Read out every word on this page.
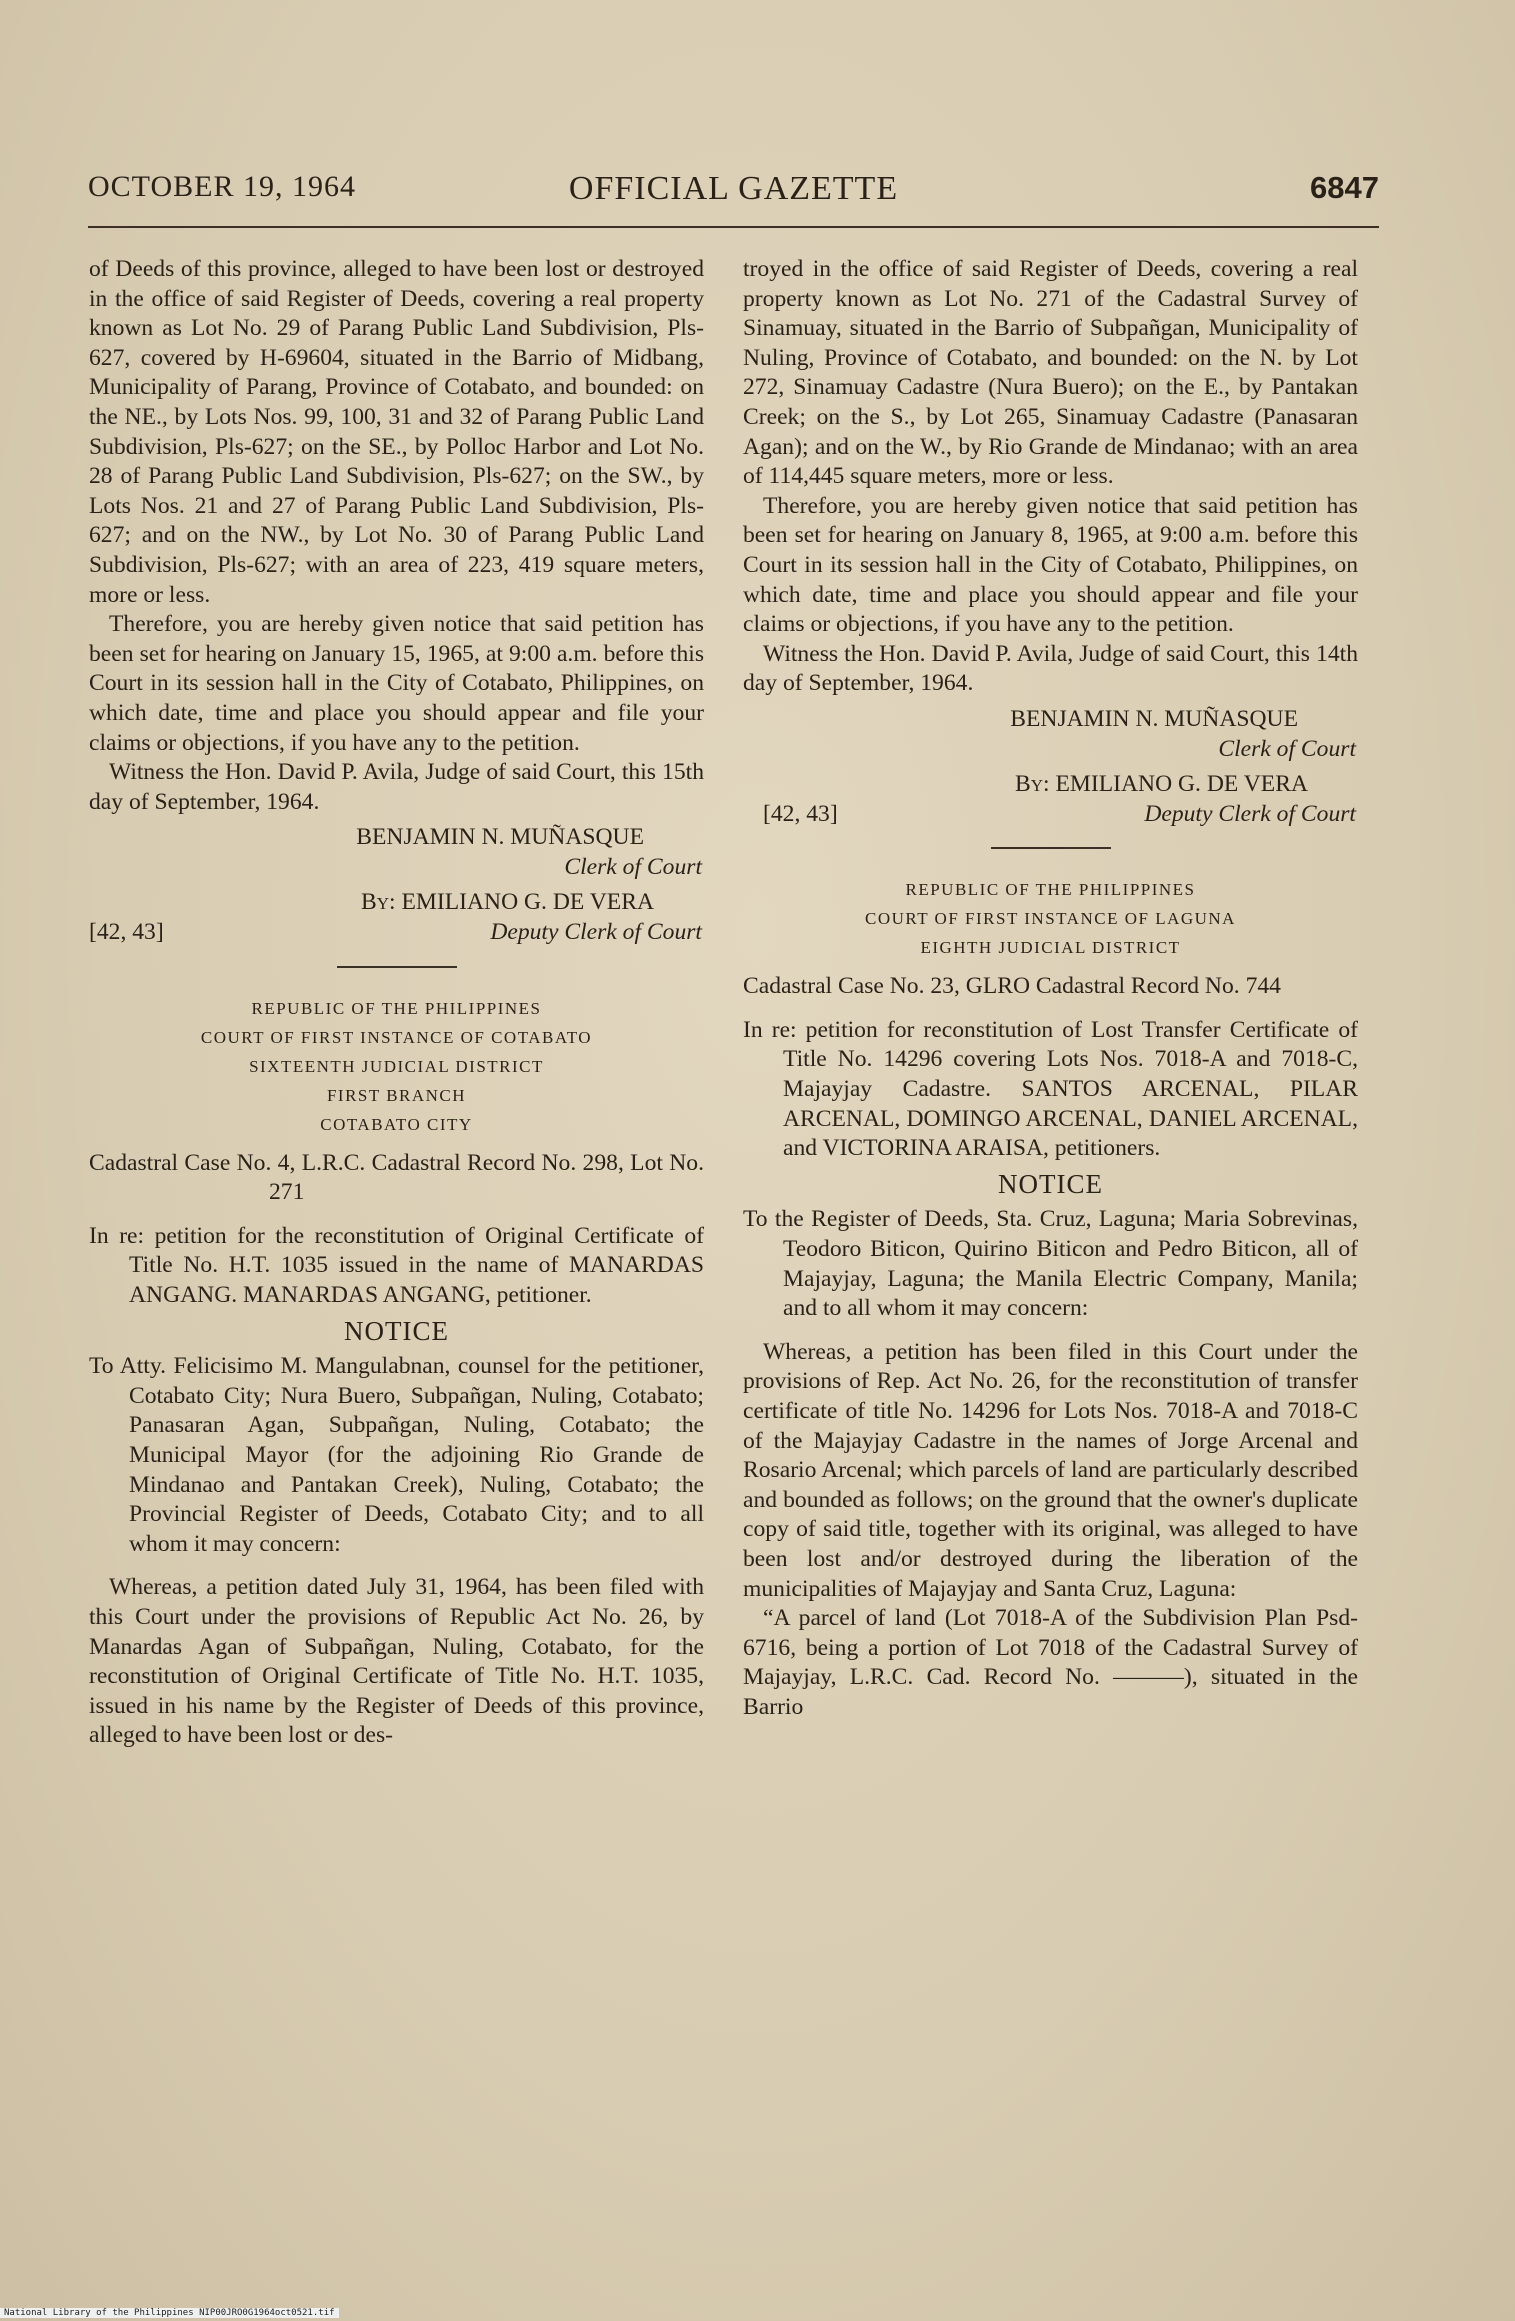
OCTOBER 19, 1964	OFFICIAL GAZETTE	6847

of Deeds of this province, alleged to have been lost or destroyed in the office of said Register of Deeds, covering a real property known as Lot No. 29 of Parang Public Land Subdivision, Pls-627, covered by H-69604, situated in the Barrio of Midbang, Municipality of Parang, Province of Cotabato, and bounded: on the NE., by Lots Nos. 99, 100, 31 and 32 of Parang Public Land Subdivision, Pls-627; on the SE., by Polloc Harbor and Lot No. 28 of Parang Public Land Subdivision, Pls-627; on the SW., by Lots Nos. 21 and 27 of Parang Public Land Subdivision, Pls-627; and on the NW., by Lot No. 30 of Parang Public Land Subdivision, Pls-627; with an area of 223, 419 square meters, more or less.

Therefore, you are hereby given notice that said petition has been set for hearing on January 15, 1965, at 9:00 a.m. before this Court in its session hall in the City of Cotabato, Philippines, on which date, time and place you should appear and file your claims or objections, if you have any to the petition.

Witness the Hon. David P. Avila, Judge of said Court, this 15th day of September, 1964.

BENJAMIN N. MUÑASQUE

Clerk of Court

By: EMILIANO G. DE VERA

[42, 43]	Deputy Clerk of Court

REPUBLIC OF THE PHILIPPINES
COURT OF FIRST INSTANCE OF COTABATO
SIXTEENTH JUDICIAL DISTRICT
FIRST BRANCH
COTABATO CITY

Cadastral Case No. 4, L.R.C. Cadastral Record No. 298, Lot No. 271

In re: petition for the reconstitution of Original Certificate of Title No. H.T. 1035 issued in the name of MANARDAS ANGANG. MANARDAS ANGANG, petitioner.

NOTICE

To Atty. Felicisimo M. Mangulabnan, counsel for the petitioner, Cotabato City; Nura Buero, Subpañgan, Nuling, Cotabato; Panasaran Agan, Subpañgan, Nuling, Cotabato; the Municipal Mayor (for the adjoining Rio Grande de Mindanao and Pantakan Creek), Nuling, Cotabato; the Provincial Register of Deeds, Cotabato City; and to all whom it may concern:

Whereas, a petition dated July 31, 1964, has been filed with this Court under the provisions of Republic Act No. 26, by Manardas Agan of Subpañgan, Nuling, Cotabato, for the reconstitution of Original Certificate of Title No. H.T. 1035, issued in his name by the Register of Deeds of this province, alleged to have been lost or des-

troyed in the office of said Register of Deeds, covering a real property known as Lot No. 271 of the Cadastral Survey of Sinamuay, situated in the Barrio of Subpañgan, Municipality of Nuling, Province of Cotabato, and bounded: on the N. by Lot 272, Sinamuay Cadastre (Nura Buero); on the E., by Pantakan Creek; on the S., by Lot 265, Sinamuay Cadastre (Panasaran Agan); and on the W., by Rio Grande de Mindanao; with an area of 114,445 square meters, more or less.

Therefore, you are hereby given notice that said petition has been set for hearing on January 8, 1965, at 9:00 a.m. before this Court in its session hall in the City of Cotabato, Philippines, on which date, time and place you should appear and file your claims or objections, if you have any to the petition.

Witness the Hon. David P. Avila, Judge of said Court, this 14th day of September, 1964.

BENJAMIN N. MUÑASQUE

Clerk of Court

By: EMILIANO G. DE VERA

[42, 43]	Deputy Clerk of Court

REPUBLIC OF THE PHILIPPINES
COURT OF FIRST INSTANCE OF LAGUNA
EIGHTH JUDICIAL DISTRICT

Cadastral Case No. 23, GLRO Cadastral Record No. 744

In re: petition for reconstitution of Lost Transfer Certificate of Title No. 14296 covering Lots Nos. 7018-A and 7018-C, Majayjay Cadastre. SANTOS ARCENAL, PILAR ARCENAL, DOMINGO ARCENAL, DANIEL ARCENAL, and VICTORINA ARAISA, petitioners.

NOTICE

To the Register of Deeds, Sta. Cruz, Laguna; Maria Sobrevinas, Teodoro Biticon, Quirino Biticon and Pedro Biticon, all of Majayjay, Laguna; the Manila Electric Company, Manila; and to all whom it may concern:

Whereas, a petition has been filed in this Court under the provisions of Rep. Act No. 26, for the reconstitution of transfer certificate of title No. 14296 for Lots Nos. 7018-A and 7018-C of the Majayjay Cadastre in the names of Jorge Arcenal and Rosario Arcenal; which parcels of land are particularly described and bounded as follows; on the ground that the owner's duplicate copy of said title, together with its original, was alleged to have been lost and/or destroyed during the liberation of the municipalities of Majayjay and Santa Cruz, Laguna:

“A parcel of land (Lot 7018-A of the Subdivision Plan Psd-6716, being a portion of Lot 7018 of the Cadastral Survey of Majayjay, L.R.C. Cad. Record No. ———), situated in the Barrio

National Library of the Philippines NIP00JRO0G1964oct0521.tif
